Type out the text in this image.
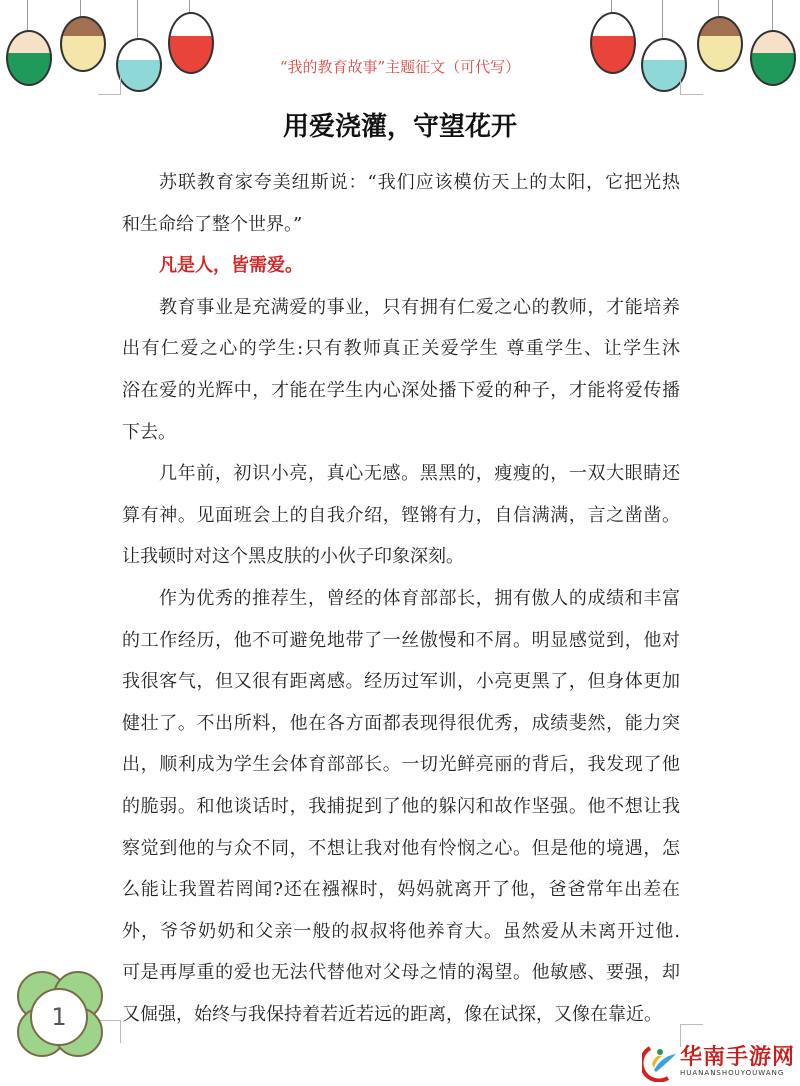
“我的教育故事”主题征文（可代写）
用爱浇灌，守望花开
苏联教育家夸美纽斯说：“我们应该模仿天上的太阳，它把光热
和生命给了整个世界。”
凡是人，皆需爱。
教育事业是充满爱的事业，只有拥有仁爱之心的教师，才能培养
出有仁爱之心的学生:只有教师真正关爱学生 尊重学生、让学生沐
浴在爱的光辉中，才能在学生内心深处播下爱的种子，才能将爱传播
下去。
几年前，初识小亮，真心无感。黑黑的，瘦瘦的，一双大眼睛还
算有神。见面班会上的自我介绍，铿锵有力，自信满满，言之凿凿。
让我顿时对这个黑皮肤的小伙子印象深刻。
作为优秀的推荐生，曾经的体育部部长，拥有傲人的成绩和丰富
的工作经历，他不可避免地带了一丝傲慢和不屑。明显感觉到，他对
我很客气，但又很有距离感。经历过军训，小亮更黑了，但身体更加
健壮了。不出所料，他在各方面都表现得很优秀，成绩斐然，能力突
出，顺利成为学生会体育部部长。一切光鲜亮丽的背后，我发现了他
的脆弱。和他谈话时，我捕捉到了他的躲闪和故作坚强。他不想让我
察觉到他的与众不同，不想让我对他有怜悯之心。但是他的境遇，怎
么能让我置若罔闻?还在襁褓时，妈妈就离开了他，爸爸常年出差在
外，爷爷奶奶和父亲一般的叔叔将他养育大。虽然爱从未离开过他.
可是再厚重的爱也无法代替他对父母之情的渴望。他敏感、要强，却
又倔强，始终与我保持着若近若远的距离，像在试探，又像在靠近。
1
华南手游网
HUANANSHOUYOUWANG
